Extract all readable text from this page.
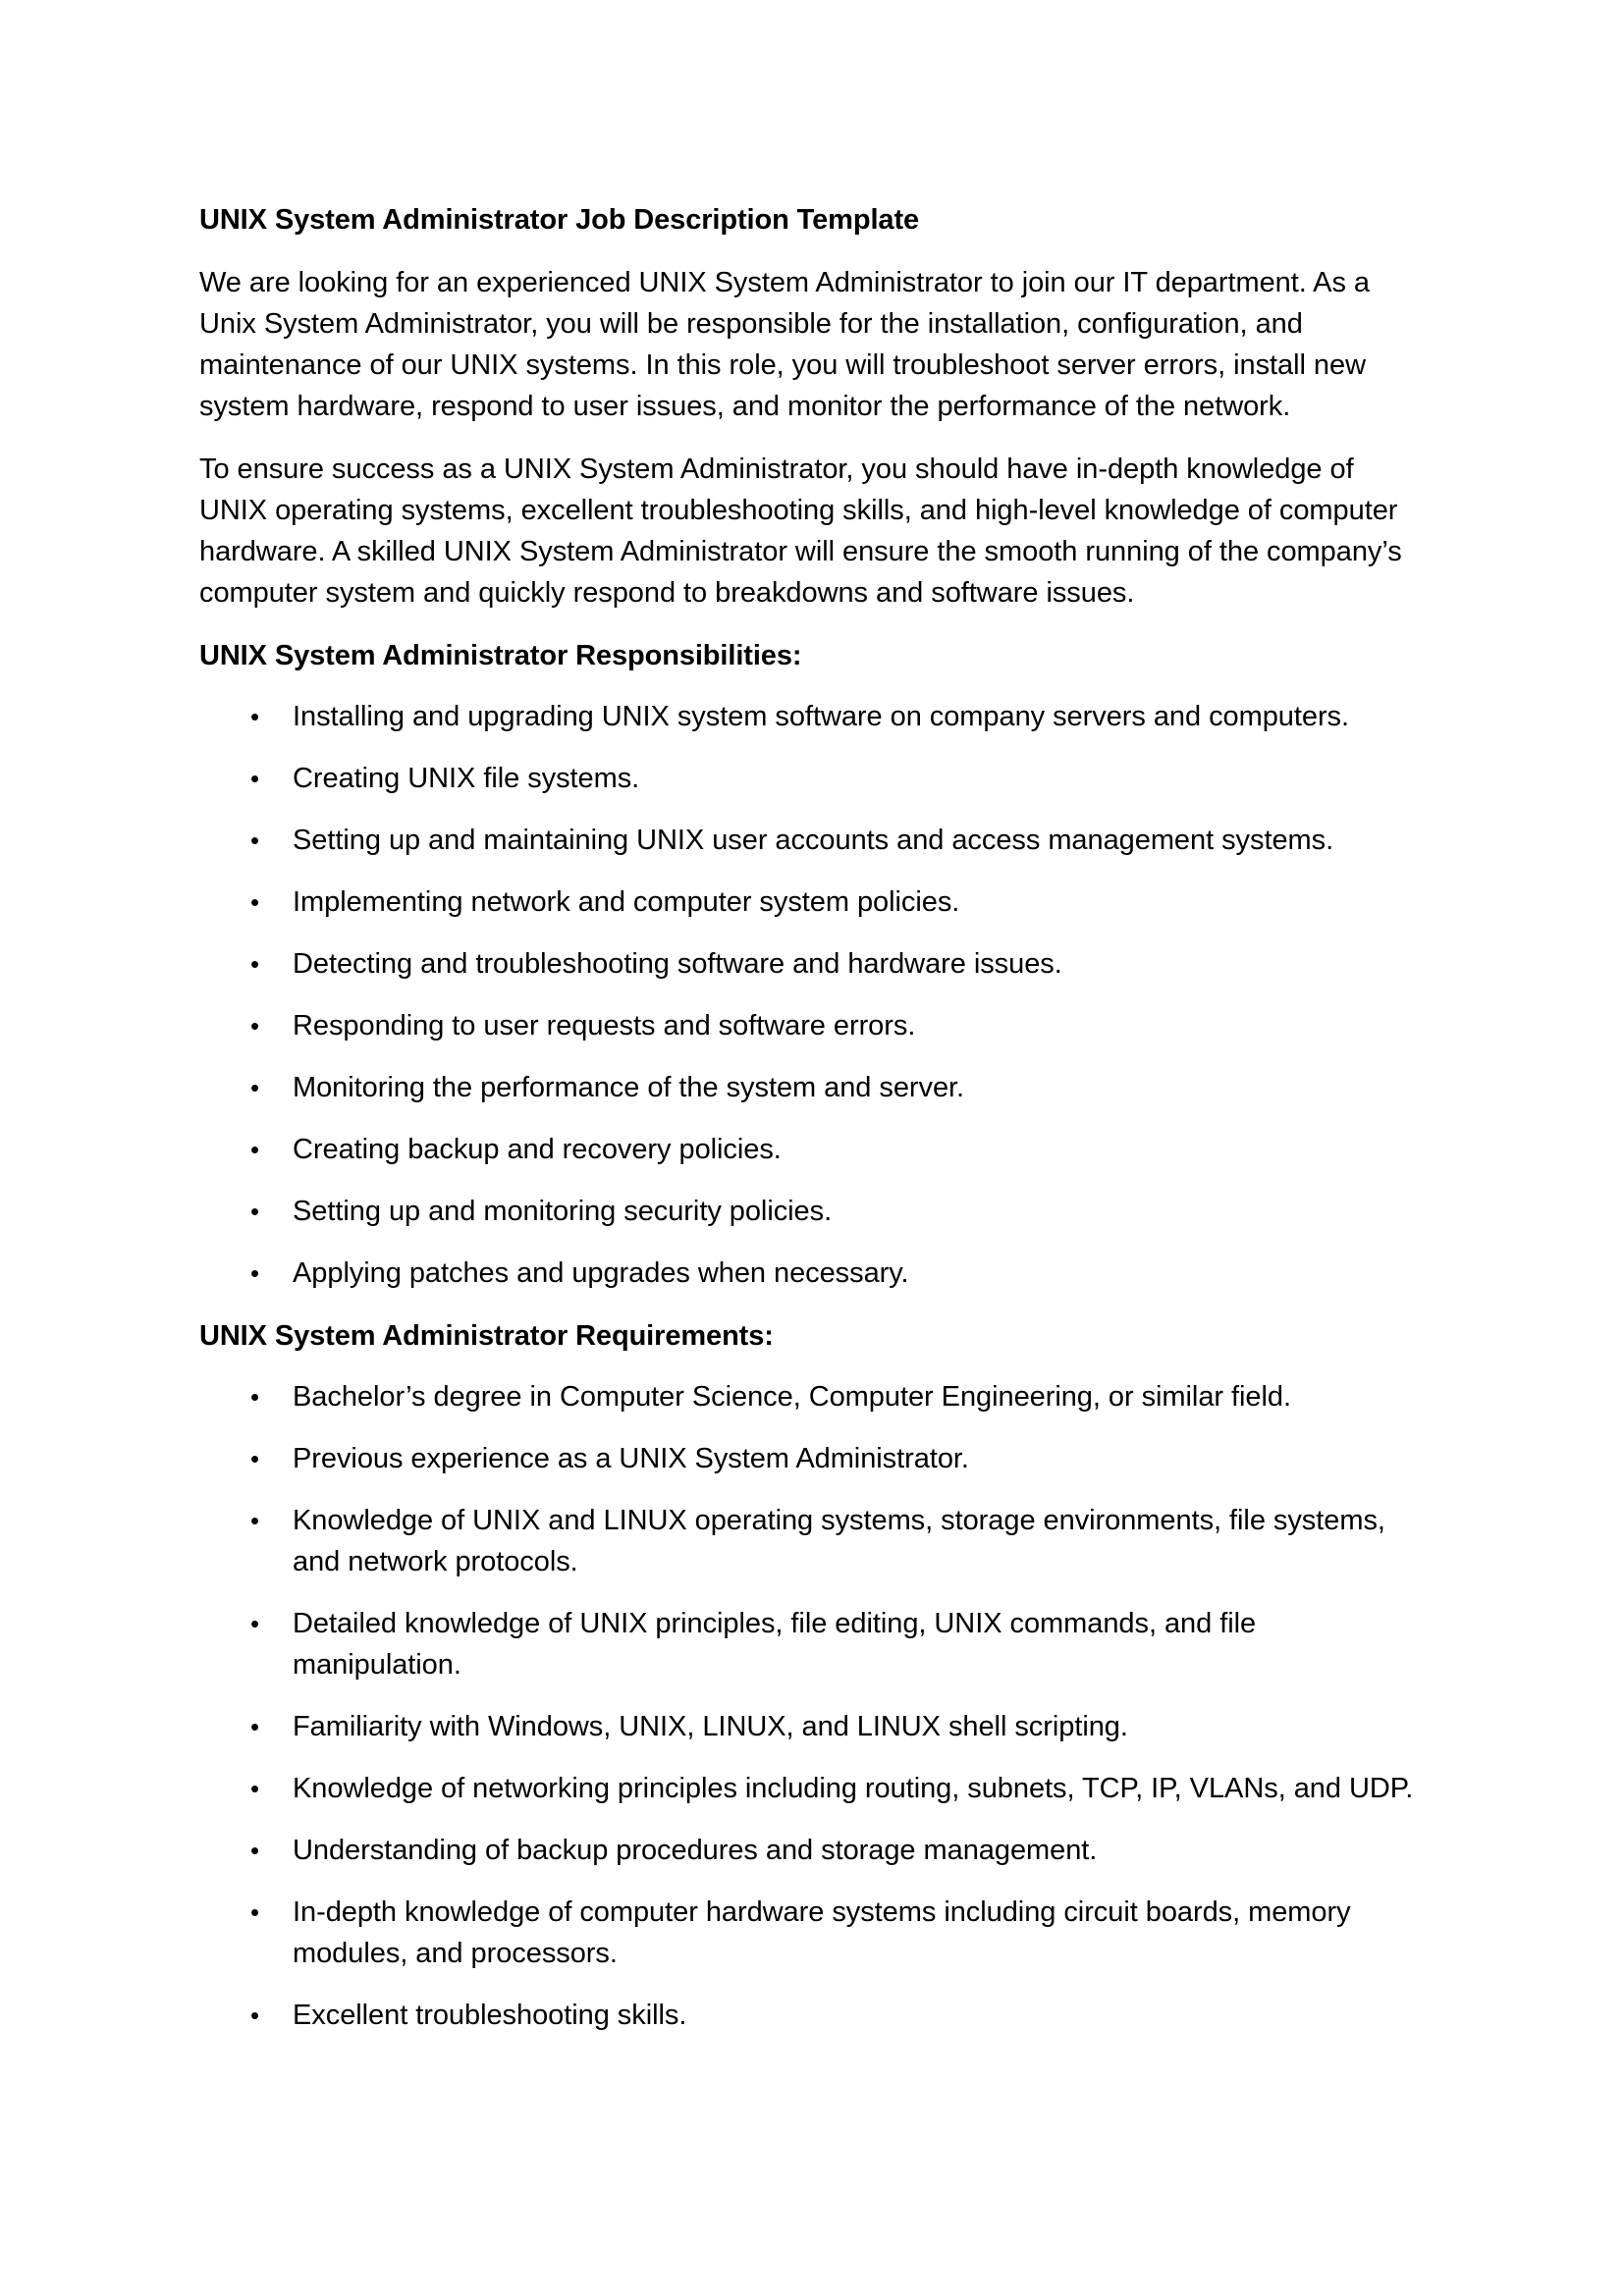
UNIX System Administrator Job Description Template

We are looking for an experienced UNIX System Administrator to join our IT department. As a Unix System Administrator, you will be responsible for the installation, configuration, and maintenance of our UNIX systems. In this role, you will troubleshoot server errors, install new system hardware, respond to user issues, and monitor the performance of the network.

To ensure success as a UNIX System Administrator, you should have in-depth knowledge of UNIX operating systems, excellent troubleshooting skills, and high-level knowledge of computer hardware. A skilled UNIX System Administrator will ensure the smooth running of the company’s computer system and quickly respond to breakdowns and software issues.

UNIX System Administrator Responsibilities:
• Installing and upgrading UNIX system software on company servers and computers.
• Creating UNIX file systems.
• Setting up and maintaining UNIX user accounts and access management systems.
• Implementing network and computer system policies.
• Detecting and troubleshooting software and hardware issues.
• Responding to user requests and software errors.
• Monitoring the performance of the system and server.
• Creating backup and recovery policies.
• Setting up and monitoring security policies.
• Applying patches and upgrades when necessary.
UNIX System Administrator Requirements:
• Bachelor’s degree in Computer Science, Computer Engineering, or similar field.
• Previous experience as a UNIX System Administrator.
• Knowledge of UNIX and LINUX operating systems, storage environments, file systems, and network protocols.
• Detailed knowledge of UNIX principles, file editing, UNIX commands, and file manipulation.
• Familiarity with Windows, UNIX, LINUX, and LINUX shell scripting.
• Knowledge of networking principles including routing, subnets, TCP, IP, VLANs, and UDP.
• Understanding of backup procedures and storage management.
• In-depth knowledge of computer hardware systems including circuit boards, memory modules, and processors.
• Excellent troubleshooting skills.
